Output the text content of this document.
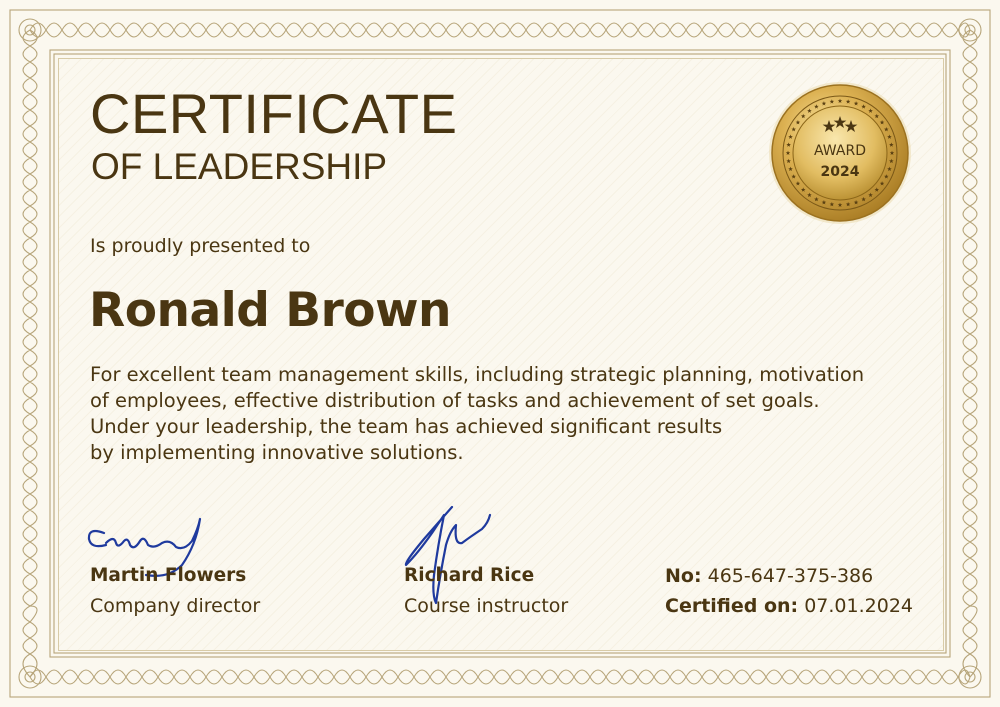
CERTIFICATE
OF LEADERSHIP
Is proudly presented to
Ronald Brown
For excellent team management skills, including strategic planning, motivation
of employees, effective distribution of tasks and achievement of set goals.
Under your leadership, the team has achieved significant results
by implementing innovative solutions.
AWARD
2024
Martin Flowers
Company director
Richard Rice
Course instructor
No: 465-647-375-386
Certified on: 07.01.2024
